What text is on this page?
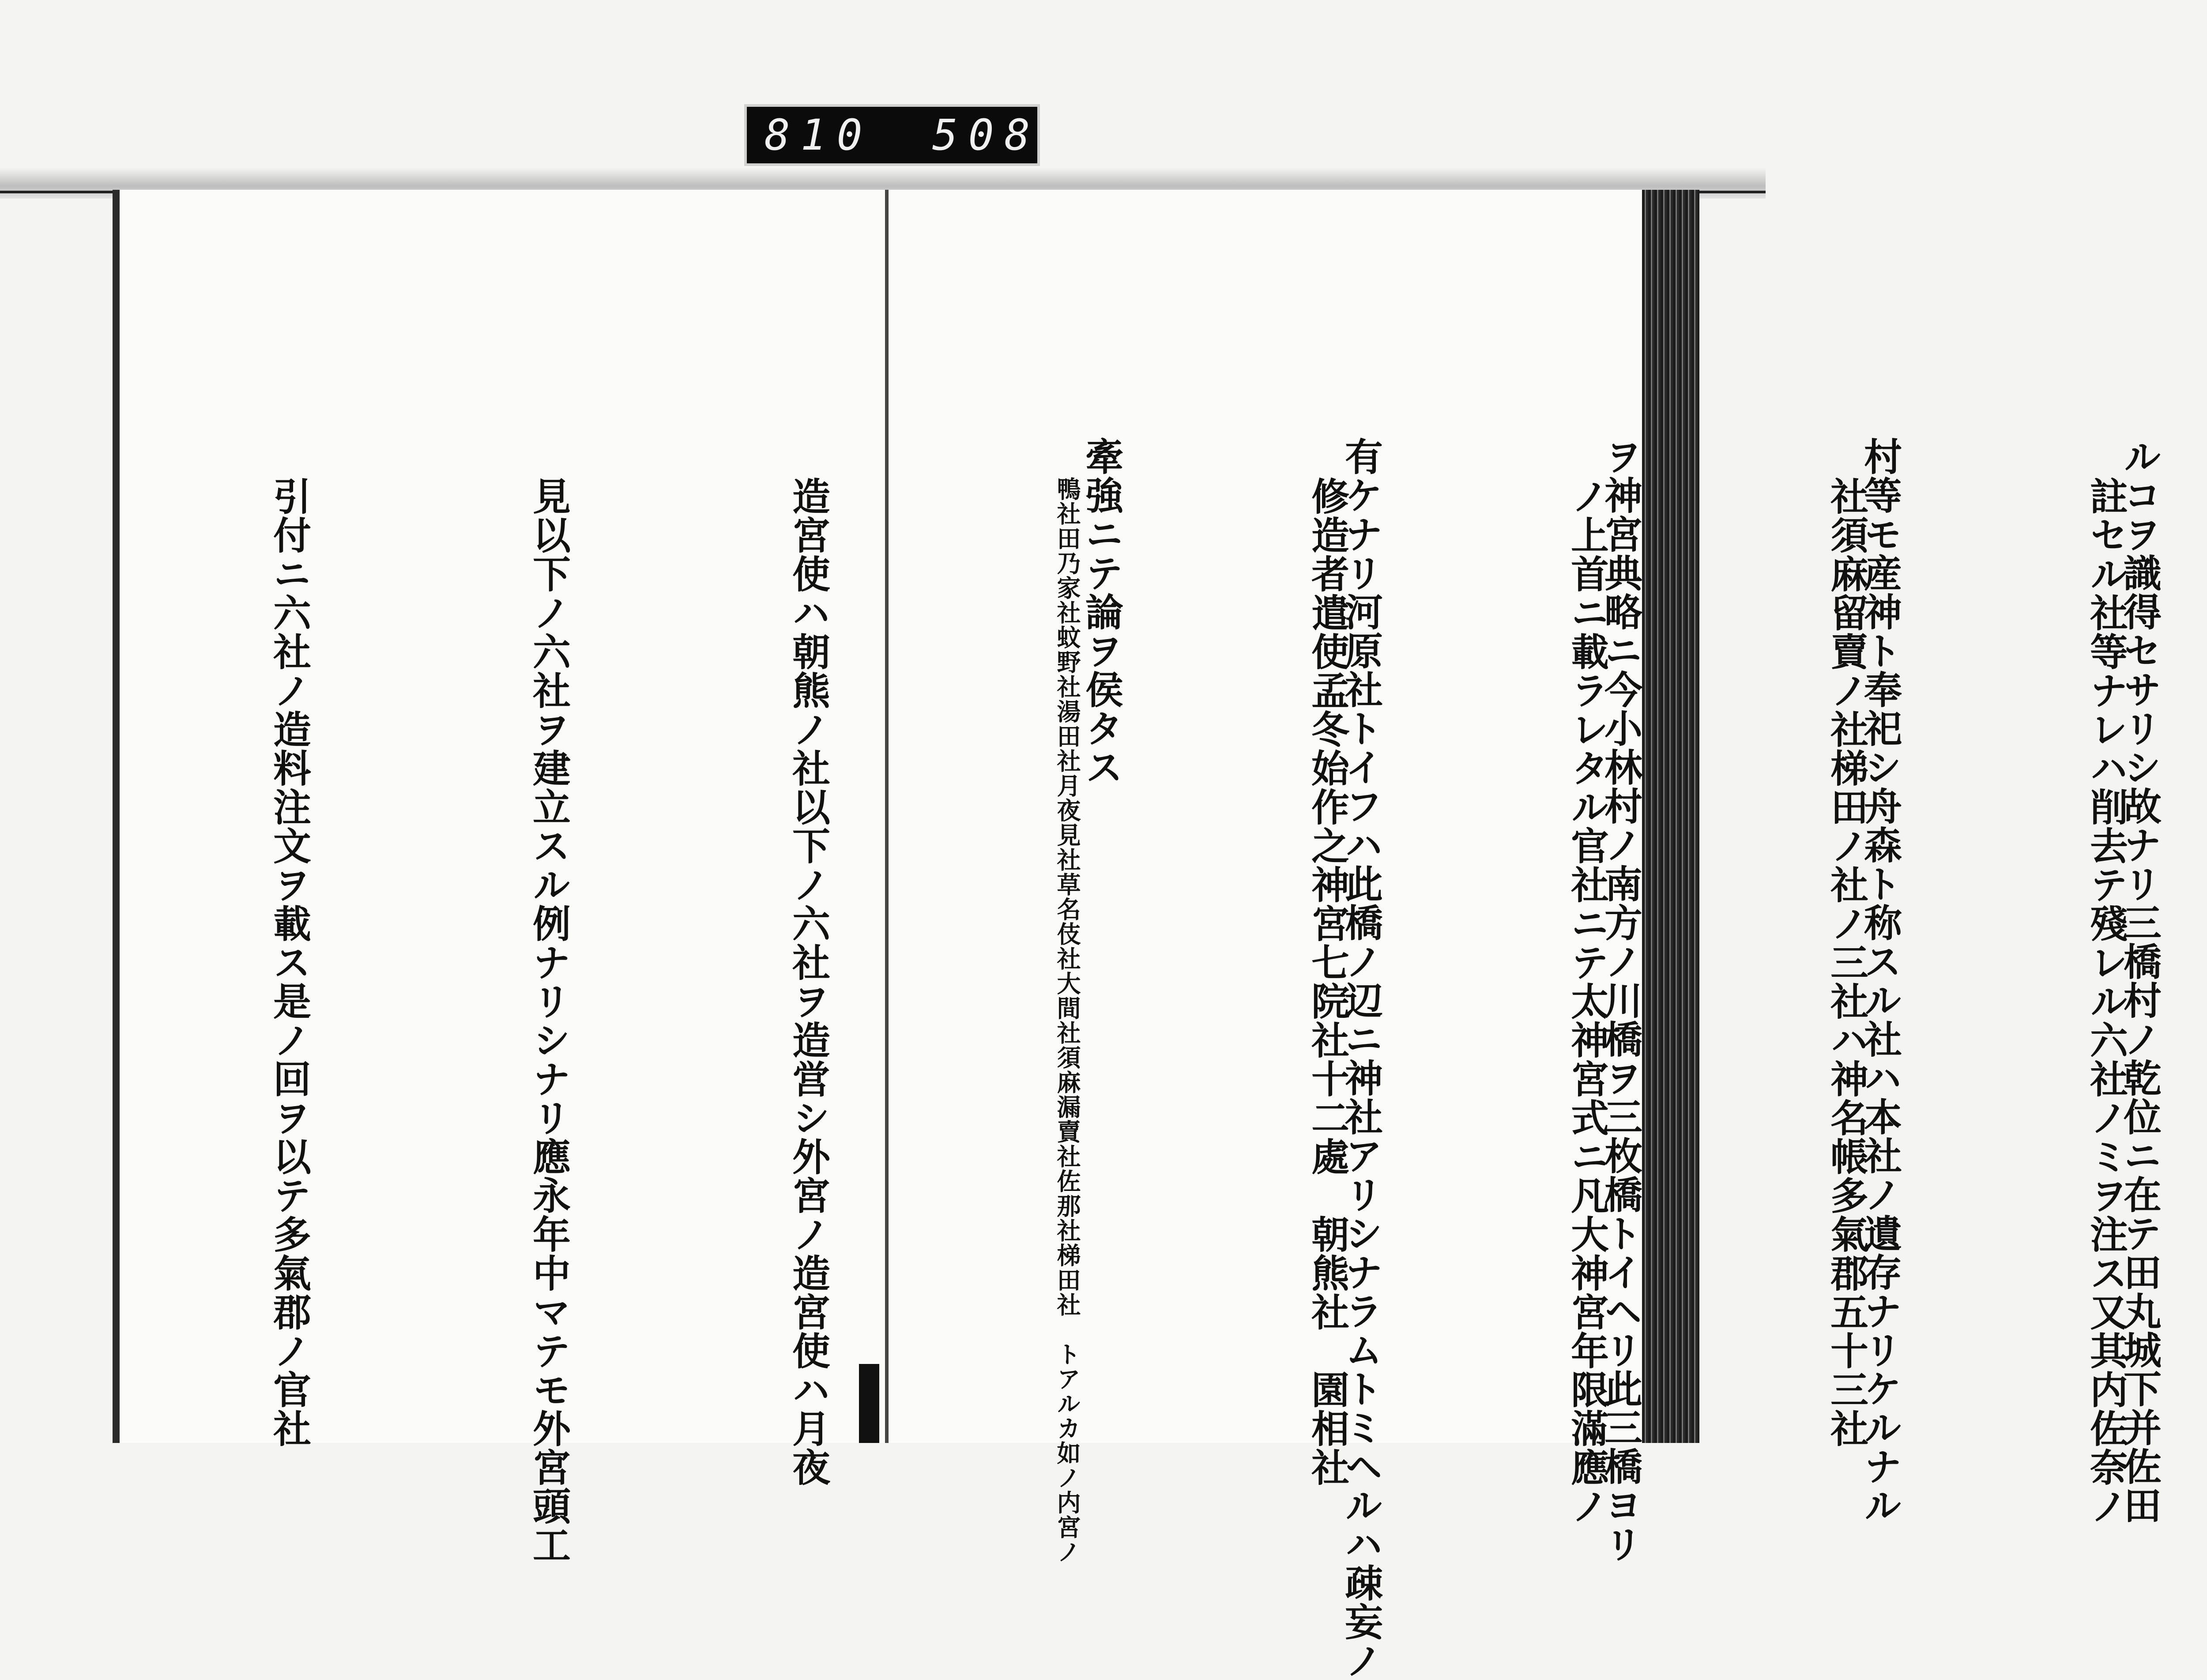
810 508

ルコヲ識得セサリシ故ナリ三橋村ノ乾位ニ在テ田丸城下并佐田

村等モ産神ト奉祀シ舟森ト称スル社ハ本社ノ遺存ナリケルナル

ヲ神宮典略ニ今小林村ノ南方ノ川橋ヲ三枚橋トイヘリ此三橋ヨリ

有ケナリ河原社トイフハ此橋ノ辺ニ神社アリシナラムトミヘルハ疎妄ノ

牽強ニテ論ヲ侯タス

	註セル社等ナレハ削去テ殘レル六社ノミヲ注ス又其内佐奈ノ

社須麻留賣ノ社梯田ノ社ノ三社ハ神名帳多氣郡五十三社

ノ上首ニ載ラレタル官社ニテ太神宮式ニ凡大神宮年限滿應ノ

修造者遣使孟冬始作之神宮七院社十二處　朝熊社　園相社

鴨社田乃家社蚊野社湯田社月夜見社草名伎社大間社須麻漏賣社佐那社梯田社　トアルカ如ノ内宮ノ

造宮使ハ朝熊ノ社以下ノ六社ヲ造営シ外宮ノ造宮使ハ月夜

見以下ノ六社ヲ建立スル例ナリシナリ應永年中マテモ外宮頭工

引付ニ六社ノ造料注文ヲ載ス是ノ回ヲ以テ多氣郡ノ官社
